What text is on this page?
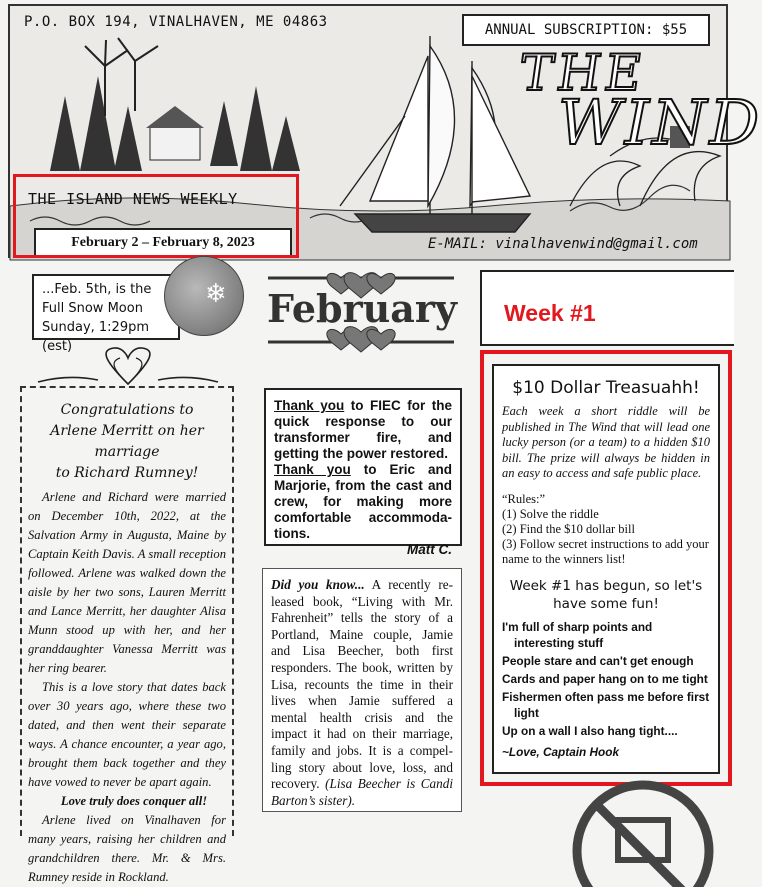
P.O. BOX 194, VINALHAVEN, ME 04863	ANNUAL SUBSCRIPTION: $55
THE
WIND
THE ISLAND NEWS WEEKLY
February 2 – February 8, 2023	E-MAIL: vinalhavenwind@gmail.com
...Feb. 5th, is the
Full Snow Moon
Sunday, 1:29pm (est)
❄
Congratulations to
Arlene Merritt on her marriage
to Richard Rumney!

Arlene and Richard were married on December 10th, 2022, at the Salvation Army in Augusta, Maine by Captain Keith Davis. A small reception followed. Arlene was walked down the aisle by her two sons, Lauren Merritt and Lance Merritt, her daughter Alisa Munn stood up with her, and her granddaughter Vanessa Merritt was her ring bearer.

This is a love story that dates back over 30 years ago, where these two dated, and then went their separate ways. A chance encounter, a year ago, brought them back together and they have vowed to never be apart again.

Love truly does conquer all!

Arlene lived on Vinalhaven for many years, raising her children and grandchildren there. Mr. & Mrs. Rumney reside in Rockland.

February
Thank you to FIEC for the quick response to our transformer fire, and getting the power restored.
Thank you to Eric and Marjorie, from the cast and crew, for making more comfortable accommoda-tions.
Matt C.
Did you know... A recently re-leased book, “Living with Mr. Fahrenheit” tells the story of a Portland, Maine couple, Jamie and Lisa Beecher, both first responders. The book, written by Lisa, recounts the time in their lives when Jamie suffered a mental health crisis and the impact it had on their marriage, family and jobs. It is a compel-ling story about love, loss, and recovery. (Lisa Beecher is Candi Barton’s sister).
Week #1
$10 Dollar Treasuahh!
Each week a short riddle will be published in The Wind that will lead one lucky person (or a team) to a hidden $10 bill. The prize will always be hidden in an easy to access and safe public place.
“Rules:”
(1) Solve the riddle
(2) Find the $10 dollar bill
(3) Follow secret instructions to add your name to the winners list!
Week #1 has begun, so let's have some fun!
I'm full of sharp points and interesting stuff
People stare and can't get enough
Cards and paper hang on to me tight
Fishermen often pass me before first light
Up on a wall I also hang tight....
~Love, Captain Hook
